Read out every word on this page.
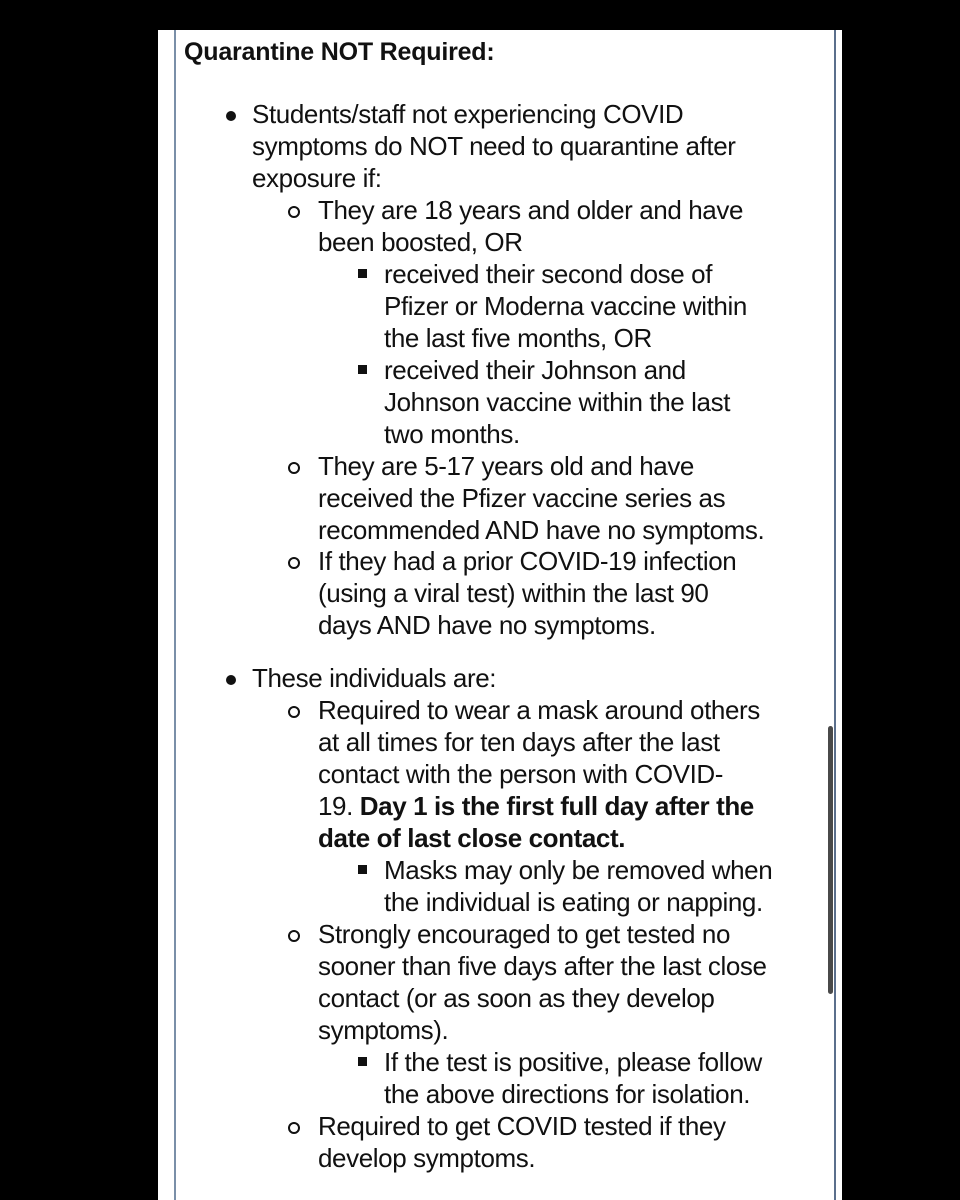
Quarantine NOT Required:
Students/staff not experiencing COVID
symptoms do NOT need to quarantine after
exposure if:
They are 18 years and older and have
been boosted, OR
received their second dose of
Pfizer or Moderna vaccine within
the last five months, OR
received their Johnson and
Johnson vaccine within the last
two months.
They are 5-17 years old and have
received the Pfizer vaccine series as
recommended AND have no symptoms.
If they had a prior COVID-19 infection
(using a viral test) within the last 90
days AND have no symptoms.
These individuals are:
Required to wear a mask around others
at all times for ten days after the last
contact with the person with COVID-
19. Day 1 is the first full day after the
date of last close contact.
Masks may only be removed when
the individual is eating or napping.
Strongly encouraged to get tested no
sooner than five days after the last close
contact (or as soon as they develop
symptoms).
If the test is positive, please follow
the above directions for isolation.
Required to get COVID tested if they
develop symptoms.
